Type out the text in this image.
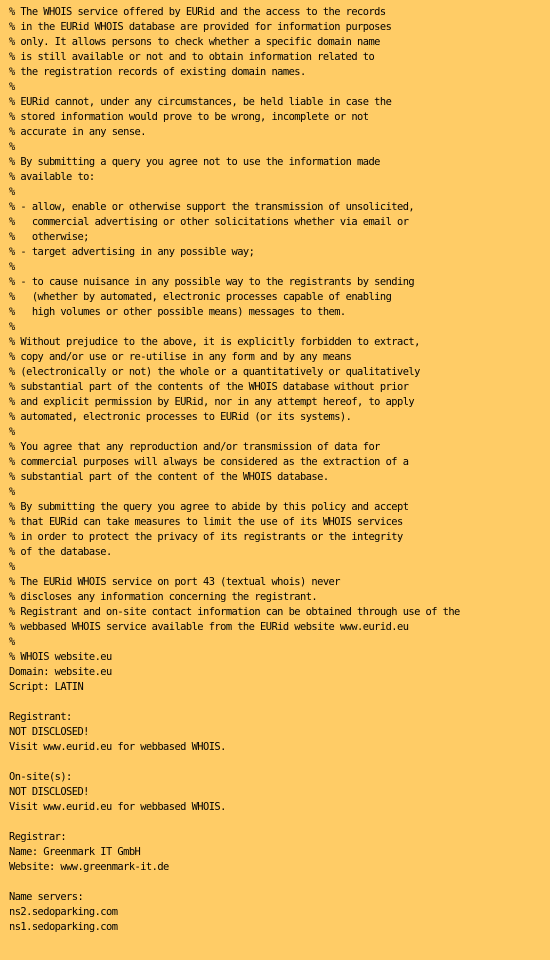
% The WHOIS service offered by EURid and the access to the records
% in the EURid WHOIS database are provided for information purposes
% only. It allows persons to check whether a specific domain name
% is still available or not and to obtain information related to
% the registration records of existing domain names.
%
% EURid cannot, under any circumstances, be held liable in case the
% stored information would prove to be wrong, incomplete or not
% accurate in any sense.
%
% By submitting a query you agree not to use the information made
% available to:
%
% - allow, enable or otherwise support the transmission of unsolicited,
%   commercial advertising or other solicitations whether via email or
%   otherwise;
% - target advertising in any possible way;
%
% - to cause nuisance in any possible way to the registrants by sending
%   (whether by automated, electronic processes capable of enabling
%   high volumes or other possible means) messages to them.
%
% Without prejudice to the above, it is explicitly forbidden to extract,
% copy and/or use or re-utilise in any form and by any means
% (electronically or not) the whole or a quantitatively or qualitatively
% substantial part of the contents of the WHOIS database without prior
% and explicit permission by EURid, nor in any attempt hereof, to apply
% automated, electronic processes to EURid (or its systems).
%
% You agree that any reproduction and/or transmission of data for
% commercial purposes will always be considered as the extraction of a
% substantial part of the content of the WHOIS database.
%
% By submitting the query you agree to abide by this policy and accept
% that EURid can take measures to limit the use of its WHOIS services
% in order to protect the privacy of its registrants or the integrity
% of the database.
%
% The EURid WHOIS service on port 43 (textual whois) never
% discloses any information concerning the registrant.
% Registrant and on-site contact information can be obtained through use of the
% webbased WHOIS service available from the EURid website www.eurid.eu
%
% WHOIS website.eu
Domain: website.eu
Script: LATIN
Registrant:
NOT DISCLOSED!
Visit www.eurid.eu for webbased WHOIS.
On-site(s):
NOT DISCLOSED!
Visit www.eurid.eu for webbased WHOIS.
Registrar:
Name: Greenmark IT GmbH
Website: www.greenmark-it.de
Name servers:
ns2.sedoparking.com
ns1.sedoparking.com
